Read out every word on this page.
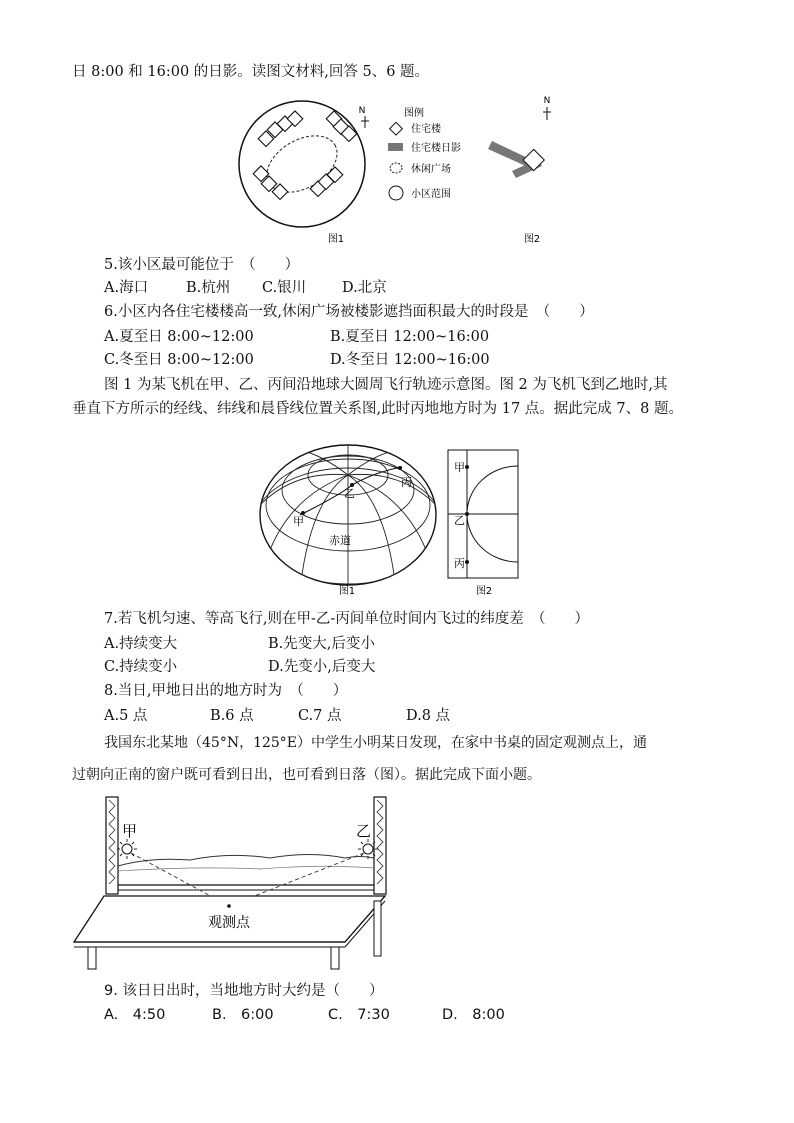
日 8:00 和 16:00 的日影。读图文材料,回答 5、6 题。
N	图例
住宅楼
住宅楼日影
休闲广场
小区范围
图1
N
图2
5.该小区最可能位于　（　　）
A.海口	B.杭州 C.银川 D.北京
6.小区内各住宅楼楼高一致,休闲广场被楼影遮挡面积最大的时段是　（　　）
A.夏至日 8:00~12:00	B.夏至日 12:00~16:00
C.冬至日 8:00~12:00	D.冬至日 12:00~16:00
图 1 为某飞机在甲、乙、丙间沿地球大圆周飞行轨迹示意图。图 2 为飞机飞到乙地时,其
垂直下方所示的经线、纬线和晨昏线位置关系图,此时丙地地方时为 17 点。据此完成 7、8 题。
甲
乙
丙
赤道
图1
甲
乙
丙
图2
7.若飞机匀速、等高飞行,则在甲-乙-丙间单位时间内飞过的纬度差　（　　）
A.持续变大	B.先变大,后变小
C.持续变小	D.先变小,后变大
8.当日,甲地日出的地方时为　（　　）
A.5 点	B.6 点	C.7 点	D.8 点
我国东北某地（45°N，125°E）中学生小明某日发现，在家中书桌的固定观测点上，通
过朝向正南的窗户既可看到日出，也可看到日落（图）。据此完成下面小题。
甲	乙
观测点
9. 该日日出时，当地地方时大约是（　　）
A.　4:50	B.　6:00	C.　7:30	D.　8:00
